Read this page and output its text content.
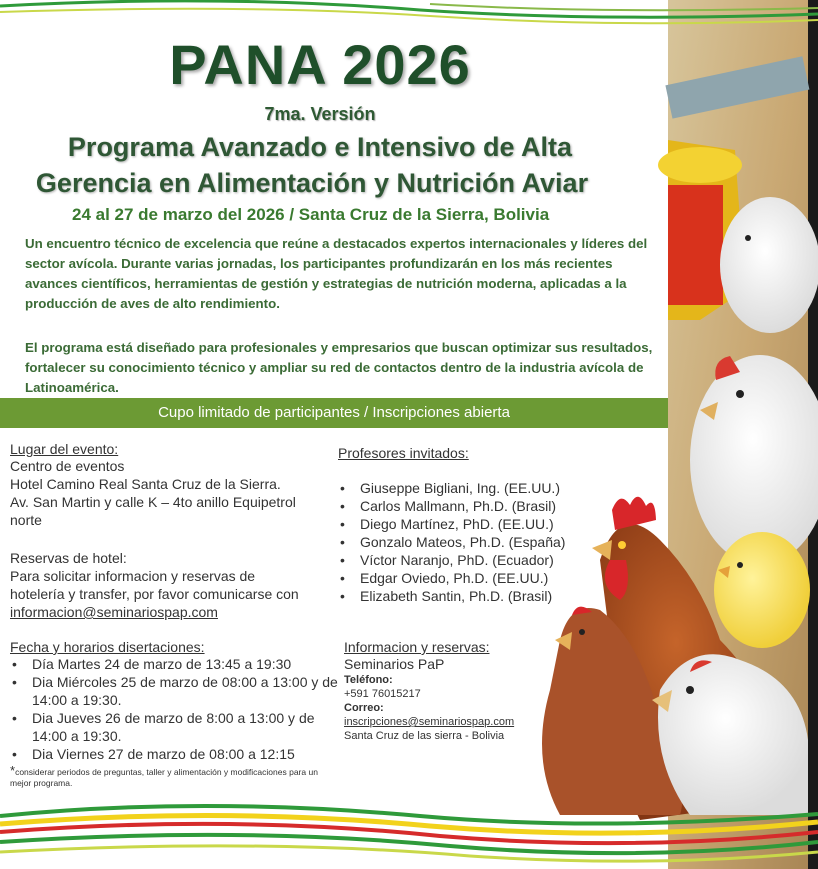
PANA 2026
7ma. Versión
Programa Avanzado e Intensivo de Alta
Gerencia en Alimentación y Nutrición Aviar
24 al 27 de marzo del 2026 / Santa Cruz de la Sierra, Bolivia

Un encuentro técnico de excelencia que reúne a destacados expertos internacionales y líderes del sector avícola. Durante varias jornadas, los participantes profundizarán en los más recientes avances científicos, herramientas de gestión y estrategias de nutrición moderna, aplicadas a la producción de aves de alto rendimiento.

El programa está diseñado para profesionales y empresarios que buscan optimizar sus resultados, fortalecer su conocimiento técnico y ampliar su red de contactos dentro de la industria avícola de Latinoamérica.

Cupo limitado de participantes / Inscripciones abierta
Lugar del evento:
Centro de eventos
Hotel Camino Real Santa Cruz de la Sierra.
Av. San Martin y calle K – 4to anillo Equipetrol
norte
Reservas de hotel:
Para solicitar informacion y reservas de
hotelería y transfer, por favor comunicarse con
informacion@seminariospap.com
Fecha y horarios disertaciones:
• Día Martes 24 de marzo de 13:45 a 19:30
• Dia Miércoles 25 de marzo de 08:00 a 13:00 y de 14:00 a 19:30.
• Dia Jueves 26 de marzo de 8:00 a 13:00 y de 14:00 a 19:30.
• Dia Viernes 27 de marzo de 08:00 a 12:15
*considerar periodos de preguntas, taller y alimentación y modificaciones para un mejor programa.
Profesores invitados:
• Giuseppe Bigliani, Ing. (EE.UU.)
• Carlos Mallmann, Ph.D. (Brasil)
• Diego Martínez, PhD. (EE.UU.)
• Gonzalo Mateos, Ph.D. (España)
• Víctor Naranjo, PhD. (Ecuador)
• Edgar Oviedo, Ph.D. (EE.UU.)
• Elizabeth Santin, Ph.D. (Brasil)
Informacion y reservas:
Seminarios PaP
Teléfono:
+591 76015217
Correo:
inscripciones@seminariospap.com
Santa Cruz de las sierra - Bolivia
